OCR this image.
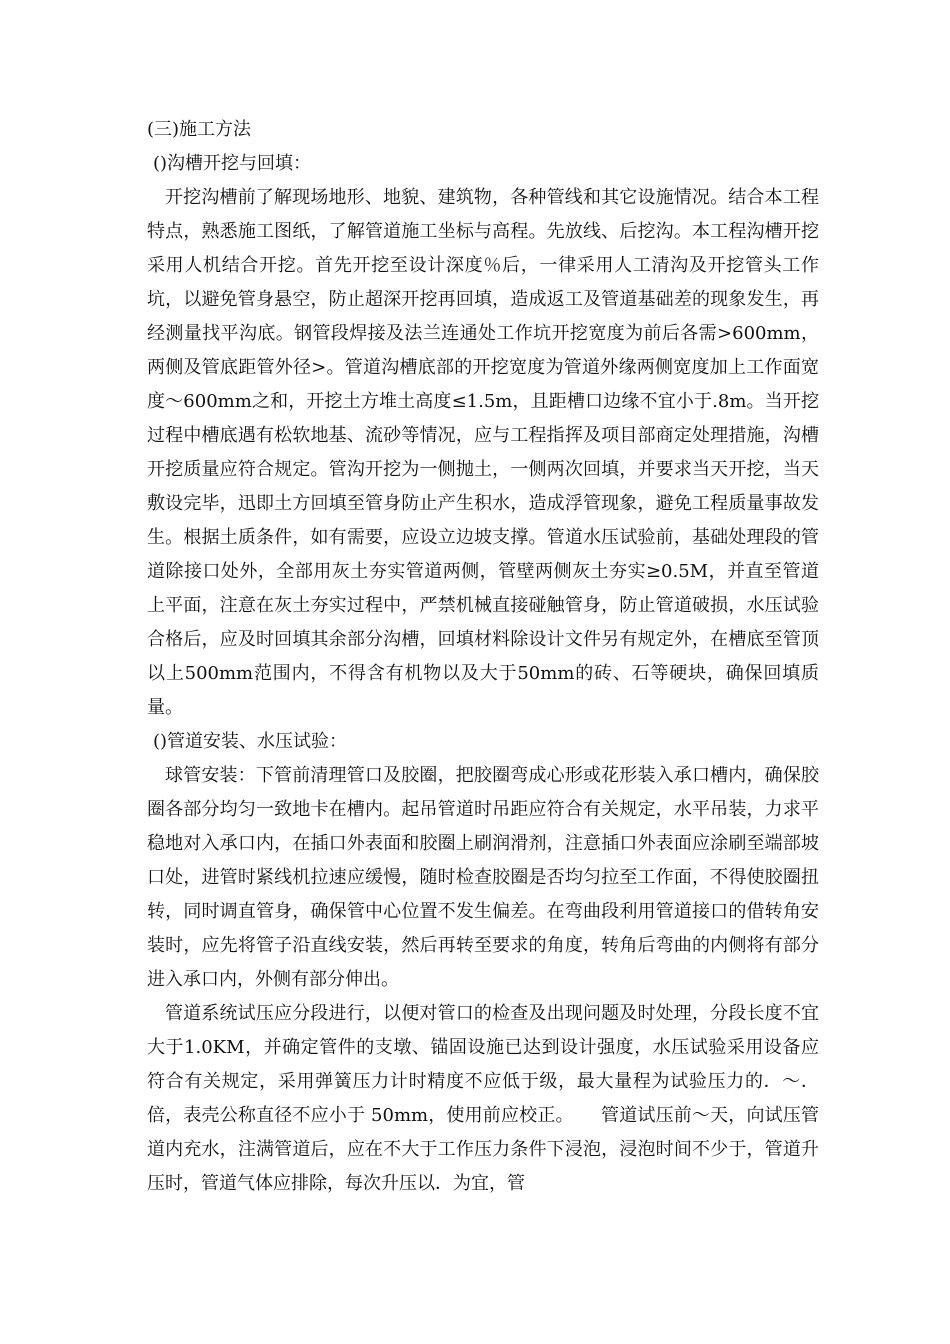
(三)施工方法

()沟槽开挖与回填：

开挖沟槽前了解现场地形、地貌、建筑物，各种管线和其它设施情况。结合本工程特点，熟悉施工图纸，了解管道施工坐标与高程。先放线、后挖沟。本工程沟槽开挖采用人机结合开挖。首先开挖至设计深度％后，一律采用人工清沟及开挖管头工作坑，以避免管身悬空，防止超深开挖再回填，造成返工及管道基础差的现象发生，再经测量找平沟底。钢管段焊接及法兰连通处工作坑开挖宽度为前后各需>600mm，两侧及管底距管外径>。管道沟槽底部的开挖宽度为管道外缘两侧宽度加上工作面宽度～600mm之和，开挖土方堆土高度≤1.5m，且距槽口边缘不宜小于.8m。当开挖过程中槽底遇有松软地基、流砂等情况，应与工程指挥及项目部商定处理措施，沟槽开挖质量应符合规定。管沟开挖为一侧抛土，一侧两次回填，并要求当天开挖，当天敷设完毕，迅即土方回填至管身防止产生积水，造成浮管现象，避免工程质量事故发生。根据土质条件，如有需要，应设立边坡支撑。管道水压试验前，基础处理段的管道除接口处外，全部用灰土夯实管道两侧，管壁两侧灰土夯实≥0.5M，并直至管道上平面，注意在灰土夯实过程中，严禁机械直接碰触管身，防止管道破损，水压试验合格后，应及时回填其余部分沟槽，回填材料除设计文件另有规定外，在槽底至管顶以上500mm范围内，不得含有机物以及大于50mm的砖、石等硬块，确保回填质量。

()管道安装、水压试验：

球管安装：下管前清理管口及胶圈，把胶圈弯成心形或花形装入承口槽内，确保胶圈各部分均匀一致地卡在槽内。起吊管道时吊距应符合有关规定，水平吊装，力求平稳地对入承口内，在插口外表面和胶圈上刷润滑剂，注意插口外表面应涂刷至端部坡口处，进管时紧线机拉速应缓慢，随时检查胶圈是否均匀拉至工作面，不得使胶圈扭转，同时调直管身，确保管中心位置不发生偏差。在弯曲段利用管道接口的借转角安装时，应先将管子沿直线安装，然后再转至要求的角度，转角后弯曲的内侧将有部分进入承口内，外侧有部分伸出。

管道系统试压应分段进行，以便对管口的检查及出现问题及时处理，分段长度不宜大于1.0KM，并确定管件的支墩、锚固设施已达到设计强度，水压试验采用设备应符合有关规定，采用弹簧压力计时精度不应低于级，最大量程为试验压力的．～．倍，表壳公称直径不应小于 50mm，使用前应校正。　　管道试压前～天，向试压管道内充水，注满管道后，应在不大于工作压力条件下浸泡，浸泡时间不少于，管道升压时，管道气体应排除，每次升压以．为宜，管
